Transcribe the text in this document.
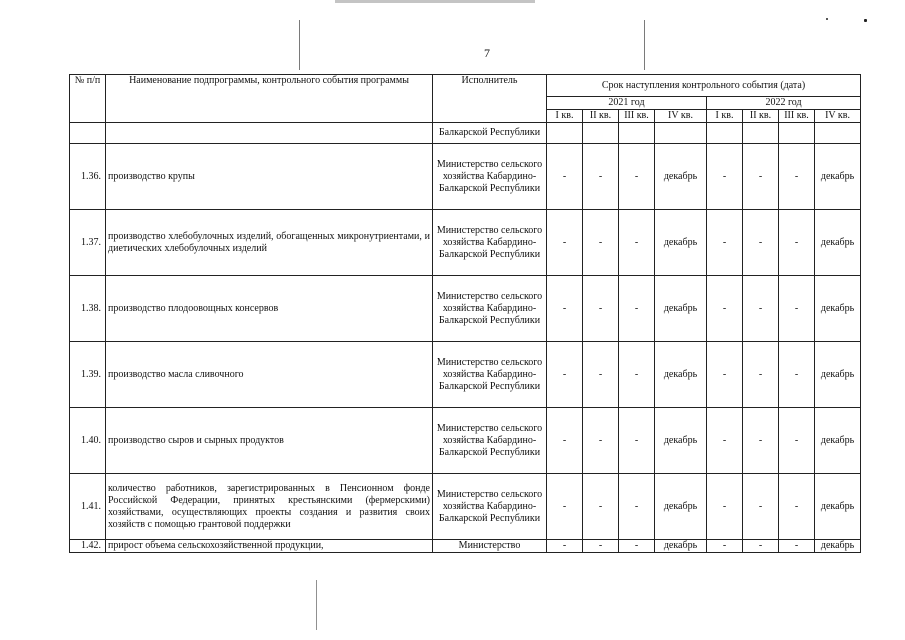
7
№ п/п	Наименование подпрограммы, контрольного события программы	Исполнитель	Срок наступления контрольного события (дата)							
			2021 год				2022 год			
			I кв.	II кв.	III кв.	IV кв.	I кв.	II кв.	III кв.	IV кв.
		Балкарской Республики								
1.36.	производство крупы	Министерство сельского хозяйства Кабардино-Балкарской Республики	-	-	-	декабрь	-	-	-	декабрь
1.37.	производство хлебобулочных изделий, обогащенных микронутриентами, и диетических хлебобулочных изделий	Министерство сельского хозяйства Кабардино-Балкарской Республики	-	-	-	декабрь	-	-	-	декабрь
1.38.	производство плодоовощных консервов	Министерство сельского хозяйства Кабардино-Балкарской Республики	-	-	-	декабрь	-	-	-	декабрь
1.39.	производство масла сливочного	Министерство сельского хозяйства Кабардино-Балкарской Республики	-	-	-	декабрь	-	-	-	декабрь
1.40.	производство сыров и сырных продуктов	Министерство сельского хозяйства Кабардино-Балкарской Республики	-	-	-	декабрь	-	-	-	декабрь
1.41.	количество работников, зарегистрированных в Пенсионном фонде Российской Федерации, принятых крестьянскими (фермерскими) хозяйствами, осуществляющих проекты создания и развития своих хозяйств с помощью грантовой поддержки	Министерство сельского хозяйства Кабардино-Балкарской Республики	-	-	-	декабрь	-	-	-	декабрь
1.42.	прирост объема сельскохозяйственной продукции,	Министерство	-	-	-	декабрь	-	-	-	декабрь
